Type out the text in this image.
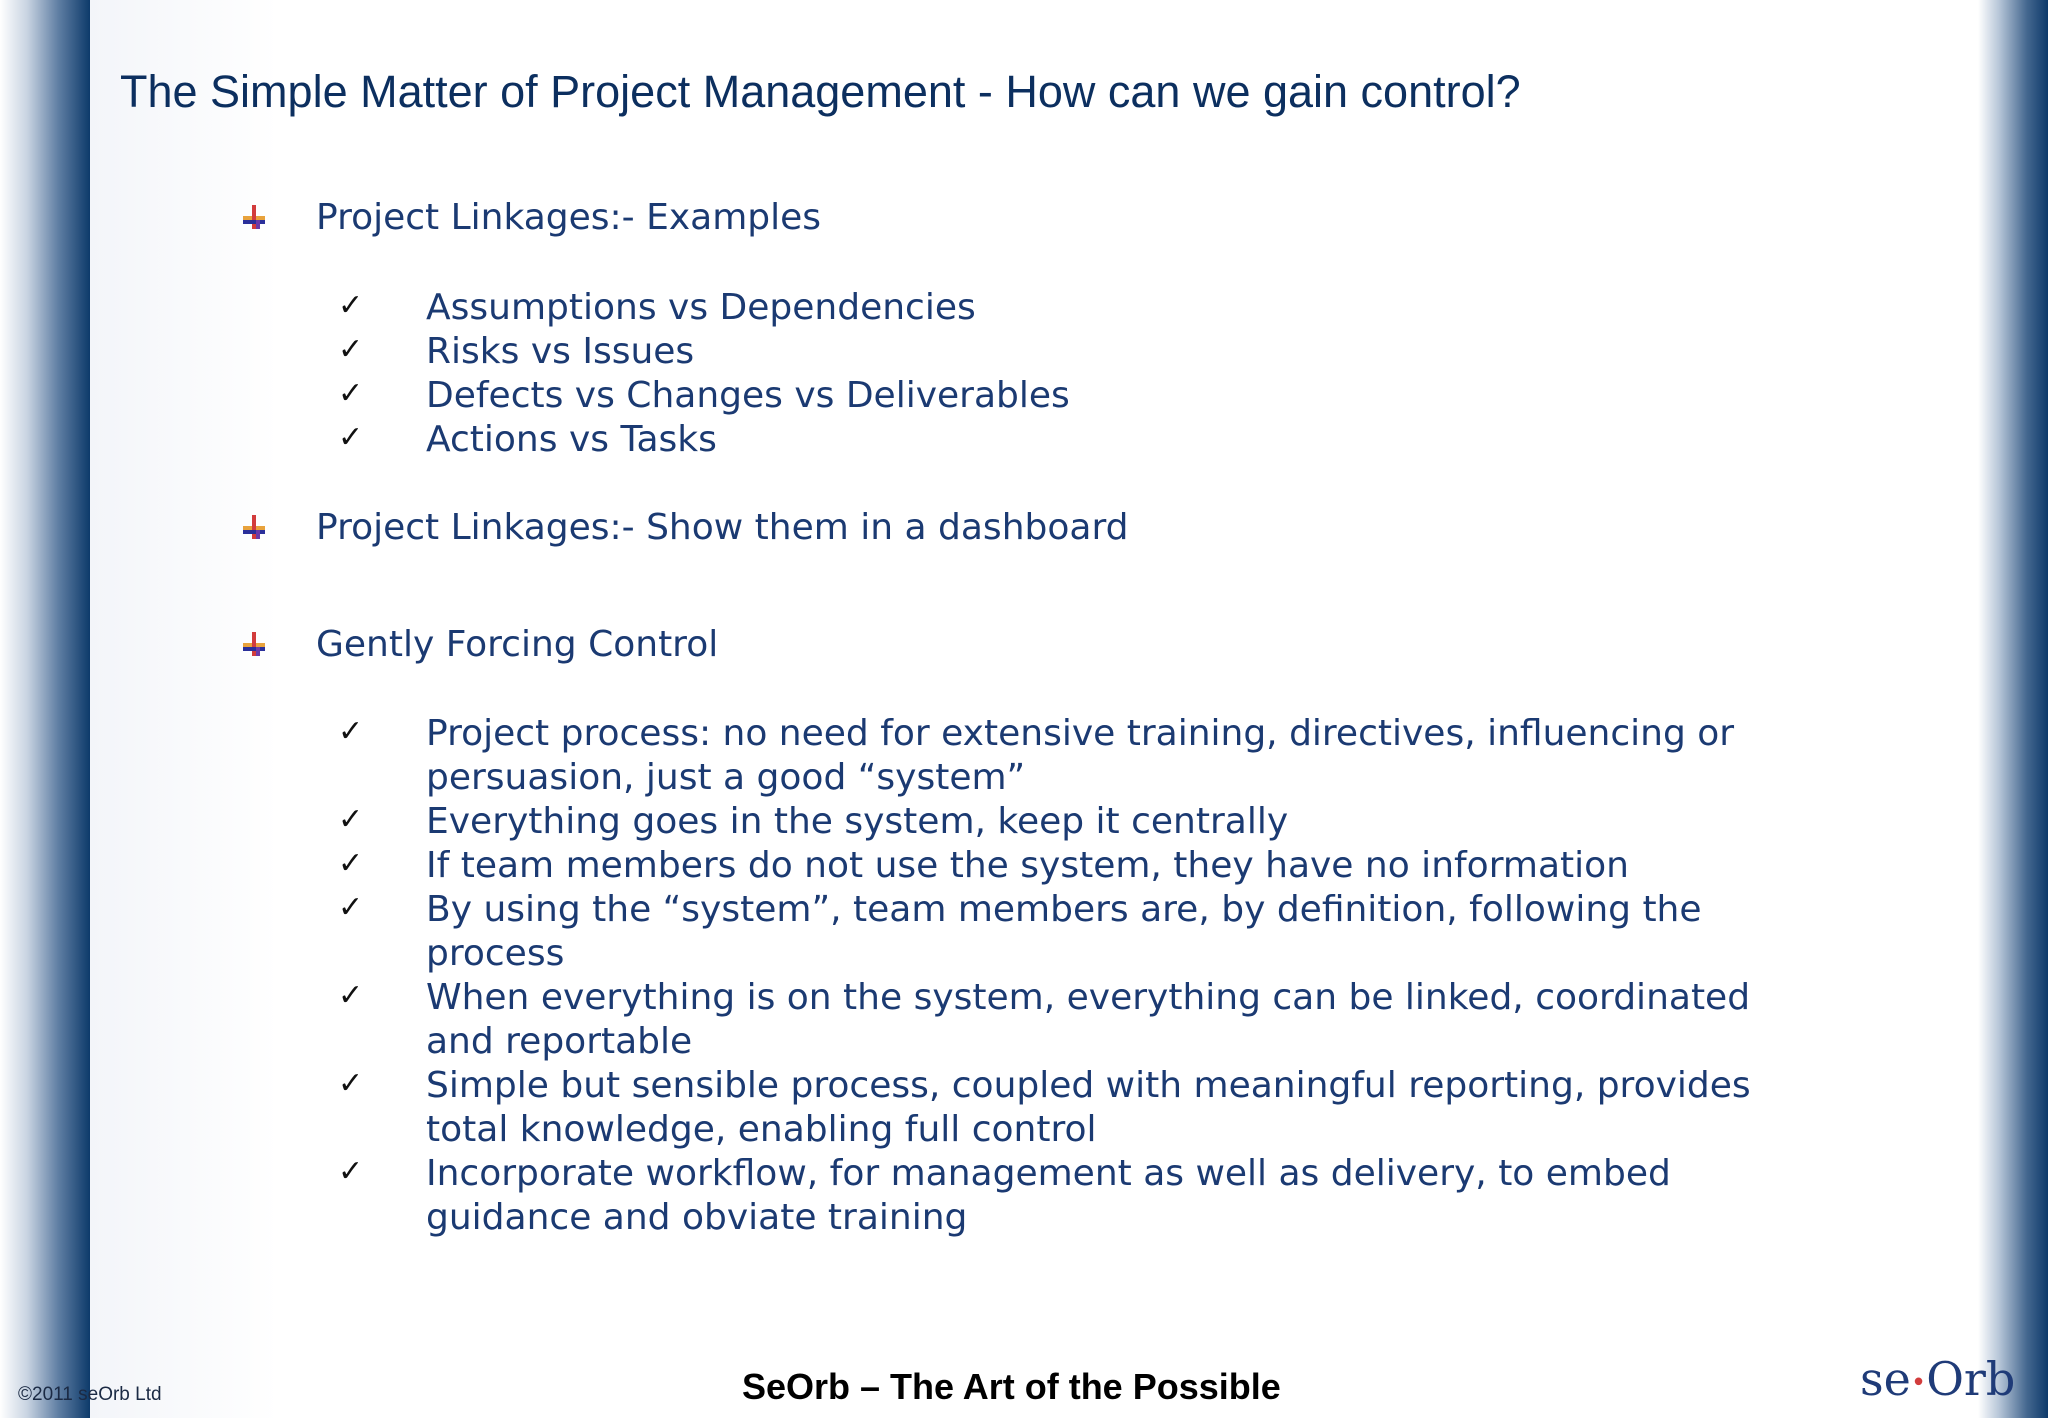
The Simple Matter of Project Management - How can we gain control?
Project Linkages:- Examples
✓ Assumptions vs Dependencies
✓ Risks vs Issues
✓ Defects vs Changes vs Deliverables
✓ Actions vs Tasks
Project Linkages:- Show them in a dashboard
Gently Forcing Control
✓ Project process: no need for extensive training, directives, influencing or persuasion, just a good “system”
✓ Everything goes in the system, keep it centrally
✓ If team members do not use the system, they have no information
✓ By using the “system”, team members are, by definition, following the process
✓ When everything is on the system, everything can be linked, coordinated and reportable
✓ Simple but sensible process, coupled with meaningful reporting, provides total knowledge, enabling full control
✓ Incorporate workflow, for management as well as delivery, to embed guidance and obviate training
©2011 seOrb Ltd	SeOrb – The Art of the Possible	se•Orb
